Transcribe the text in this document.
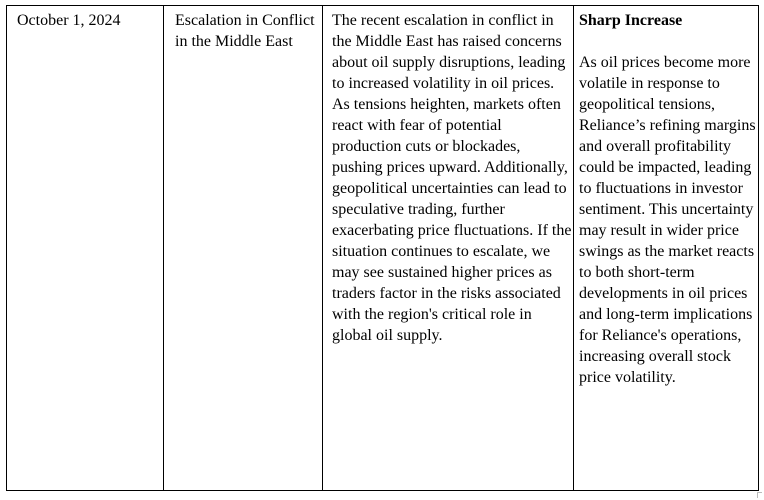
October 1, 2024	Escalation in Conflict in the Middle East
The recent escalation in conflict in the Middle East has raised concerns about oil supply disruptions, leading to increased volatility in oil prices. As tensions heighten, markets often react with fear of potential production cuts or blockades, pushing prices upward. Additionally, geopolitical uncertainties can lead to speculative trading, further exacerbating price fluctuations. If the situation continues to escalate, we may see sustained higher prices as traders factor in the risks associated with the region's critical role in global oil supply.
Sharp Increase
As oil prices become more volatile in response to geopolitical tensions, Reliance’s refining margins and overall profitability could be impacted, leading to fluctuations in investor sentiment. This uncertainty may result in wider price swings as the market reacts to both short-term developments in oil prices and long-term implications for Reliance's operations, increasing overall stock price volatility.
